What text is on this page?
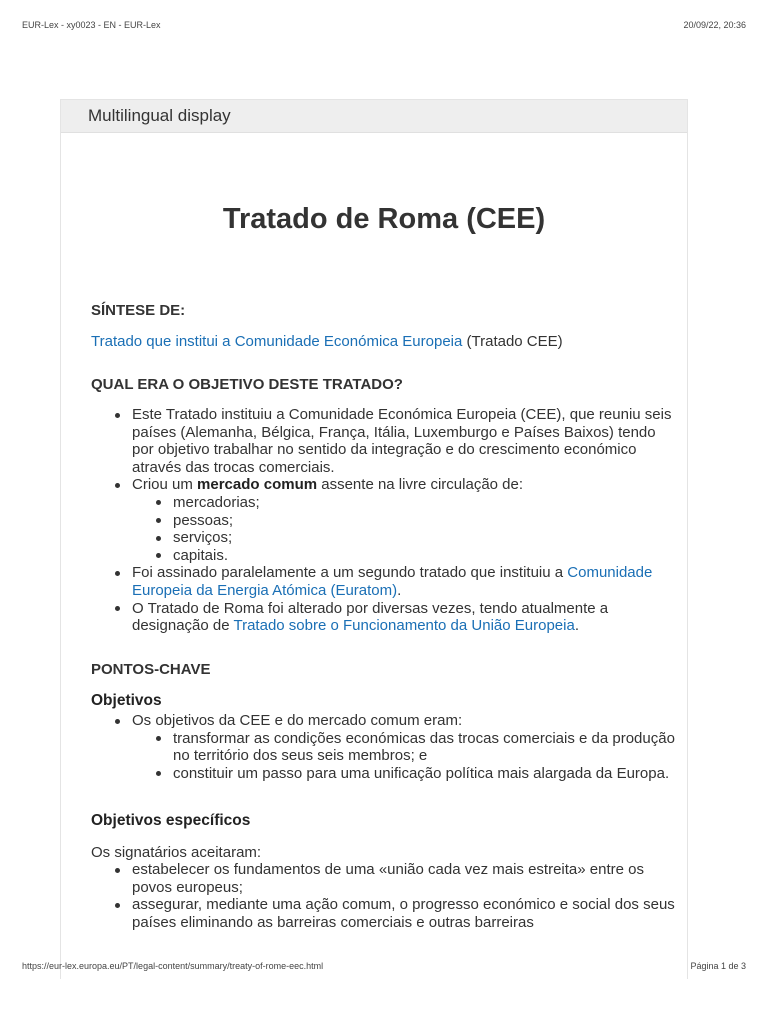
EUR-Lex - xy0023 - EN - EUR-Lex	20/09/22, 20:36
Multilingual display
Tratado de Roma (CEE)
SÍNTESE DE:
Tratado que institui a Comunidade Económica Europeia (Tratado CEE)
QUAL ERA O OBJETIVO DESTE TRATADO?
Este Tratado instituiu a Comunidade Económica Europeia (CEE), que reuniu seis países (Alemanha, Bélgica, França, Itália, Luxemburgo e Países Baixos) tendo por objetivo trabalhar no sentido da integração e do crescimento económico através das trocas comerciais.
Criou um mercado comum assente na livre circulação de:
mercadorias;
pessoas;
serviços;
capitais.
Foi assinado paralelamente a um segundo tratado que instituiu a Comunidade Europeia da Energia Atómica (Euratom).
O Tratado de Roma foi alterado por diversas vezes, tendo atualmente a designação de Tratado sobre o Funcionamento da União Europeia.
PONTOS-CHAVE
Objetivos
Os objetivos da CEE e do mercado comum eram:
transformar as condições económicas das trocas comerciais e da produção no território dos seus seis membros; e
constituir um passo para uma unificação política mais alargada da Europa.
Objetivos específicos
Os signatários aceitaram:
estabelecer os fundamentos de uma «união cada vez mais estreita» entre os povos europeus;
assegurar, mediante uma ação comum, o progresso económico e social dos seus países eliminando as barreiras comerciais e outras barreiras
https://eur-lex.europa.eu/PT/legal-content/summary/treaty-of-rome-eec.html	Página 1 de 3
